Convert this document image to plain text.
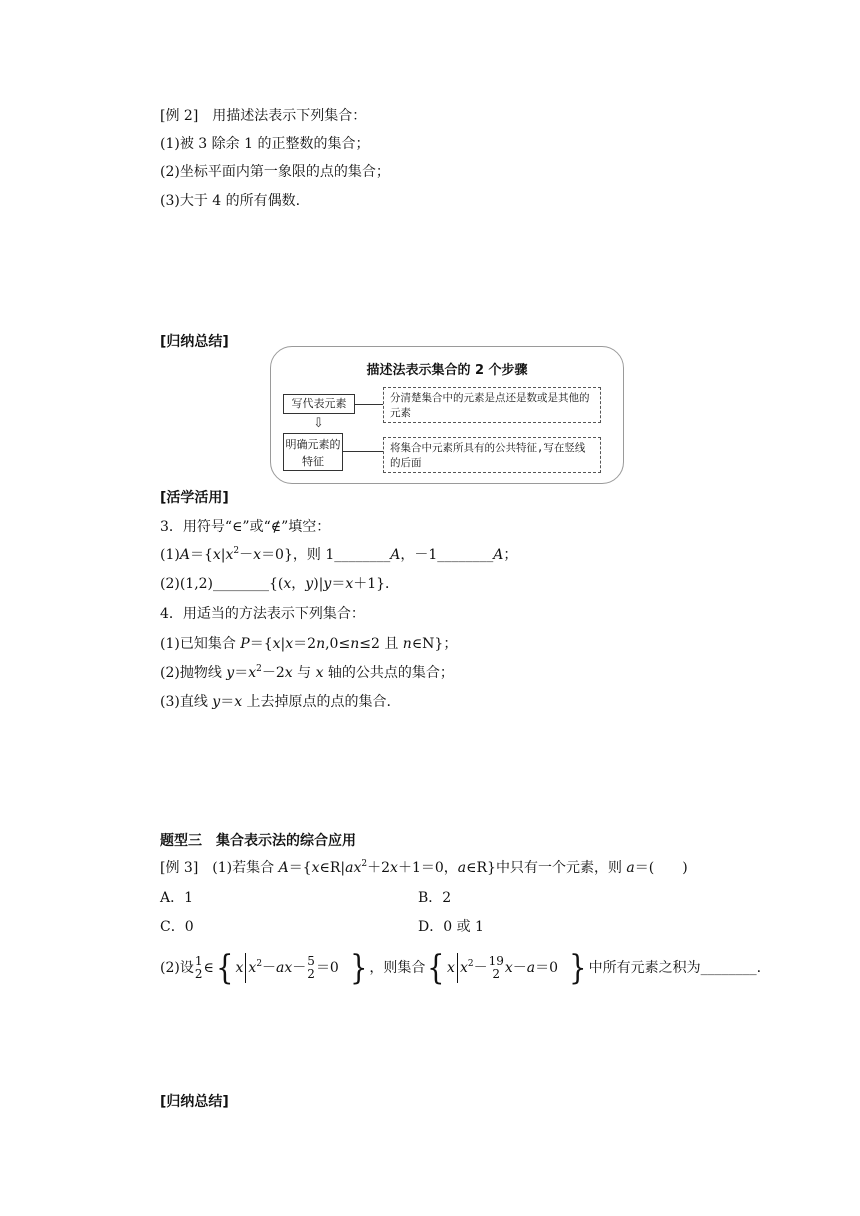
[例 2]　用描述法表示下列集合：
(1)被 3 除余 1 的正整数的集合；
(2)坐标平面内第一象限的点的集合；
(3)大于 4 的所有偶数.
[归纳总结]
描述法表示集合的 2 个步骤
写代表元素	分清楚集合中的元素是点还是数或是其他的元素
⇩
明确元素的特征
将集合中元素所具有的公共特征,写在竖线的后面
[活学活用]
3．用符号“∈”或“∉”填空：
$(1)A=\{x|x^2-x=0\}$，则 1________A，－1________A；
(2)(1,2)________{(x，y)|y＝x＋1}．
4．用适当的方法表示下列集合：
(1)已知集合 P＝{x|x＝2n,0≤n≤2 且 n∈N}；
(2)抛物线 $y=x^2-2x$ 与 x 轴的公共点的集合；
(3)直线 y＝x 上去掉原点的点的集合.
题型三　集合表示法的综合应用
[例 3]　(1)若集合 $A=\{x\in R|ax^2+2x+1=0$，a∈R}中只有一个元素，则 a＝(　　)
A．1	B．2
C．0	D．0 或 1
(2)设 1
2 ∈{ x $x^2-ax- 5$
2 ＝0  } ，则集合{ x $x^2- 19$
2 x－a＝0  } 中所有元素之积为________.
[归纳总结]
